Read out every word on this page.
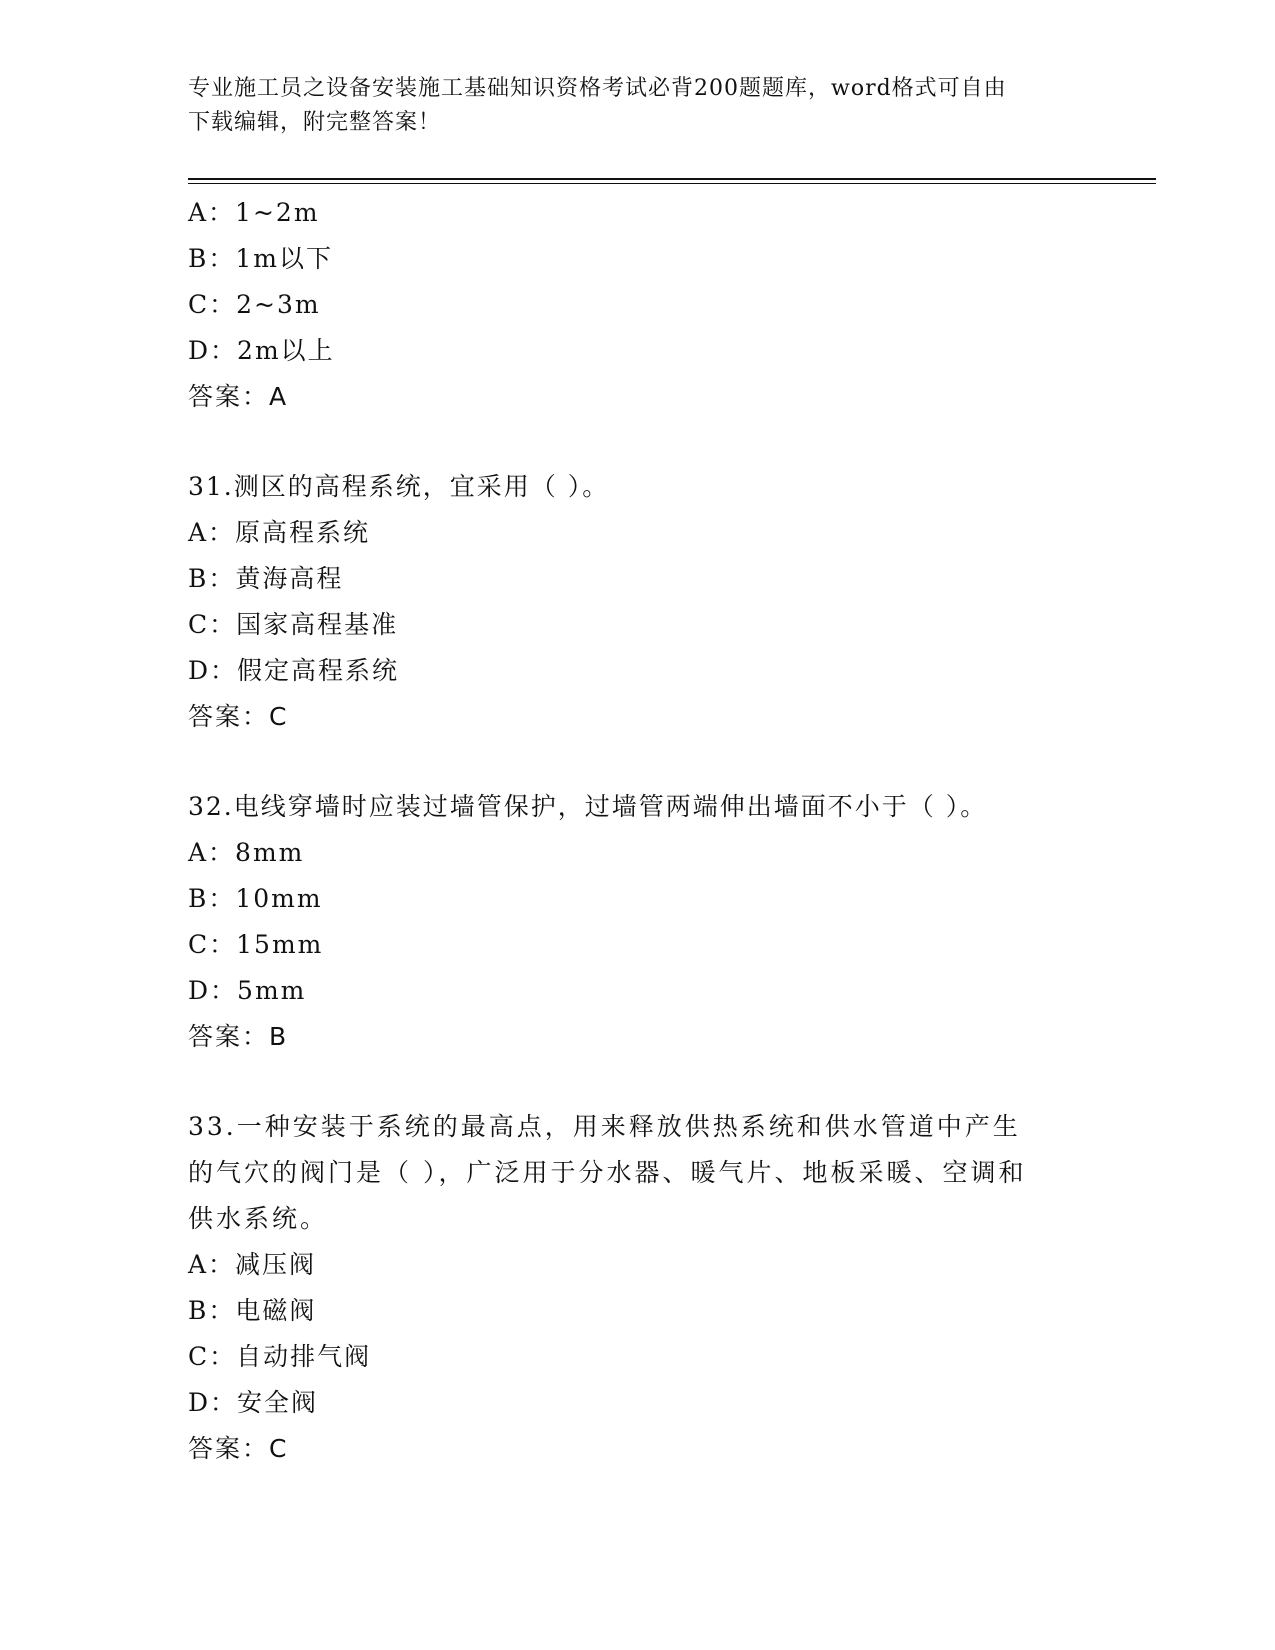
专业施工员之设备安装施工基础知识资格考试必背200题题库，word格式可自由
下载编辑，附完整答案！
A：1~2m
B：1m以下
C：2~3m
D：2m以上
答案：A
31.测区的高程系统，宜采用（ ）。
A：原高程系统
B：黄海高程
C：国家高程基准
D：假定高程系统
答案：C
32.电线穿墙时应装过墙管保护，过墙管两端伸出墙面不小于（ ）。
A：8mm
B：10mm
C：15mm
D：5mm
答案：B
33.一种安装于系统的最高点，用来释放供热系统和供水管道中产生的气穴的阀门是（ ），广泛用于分水器、暖气片、地板采暖、空调和供水系统。
A：减压阀
B：电磁阀
C：自动排气阀
D：安全阀
答案：C
